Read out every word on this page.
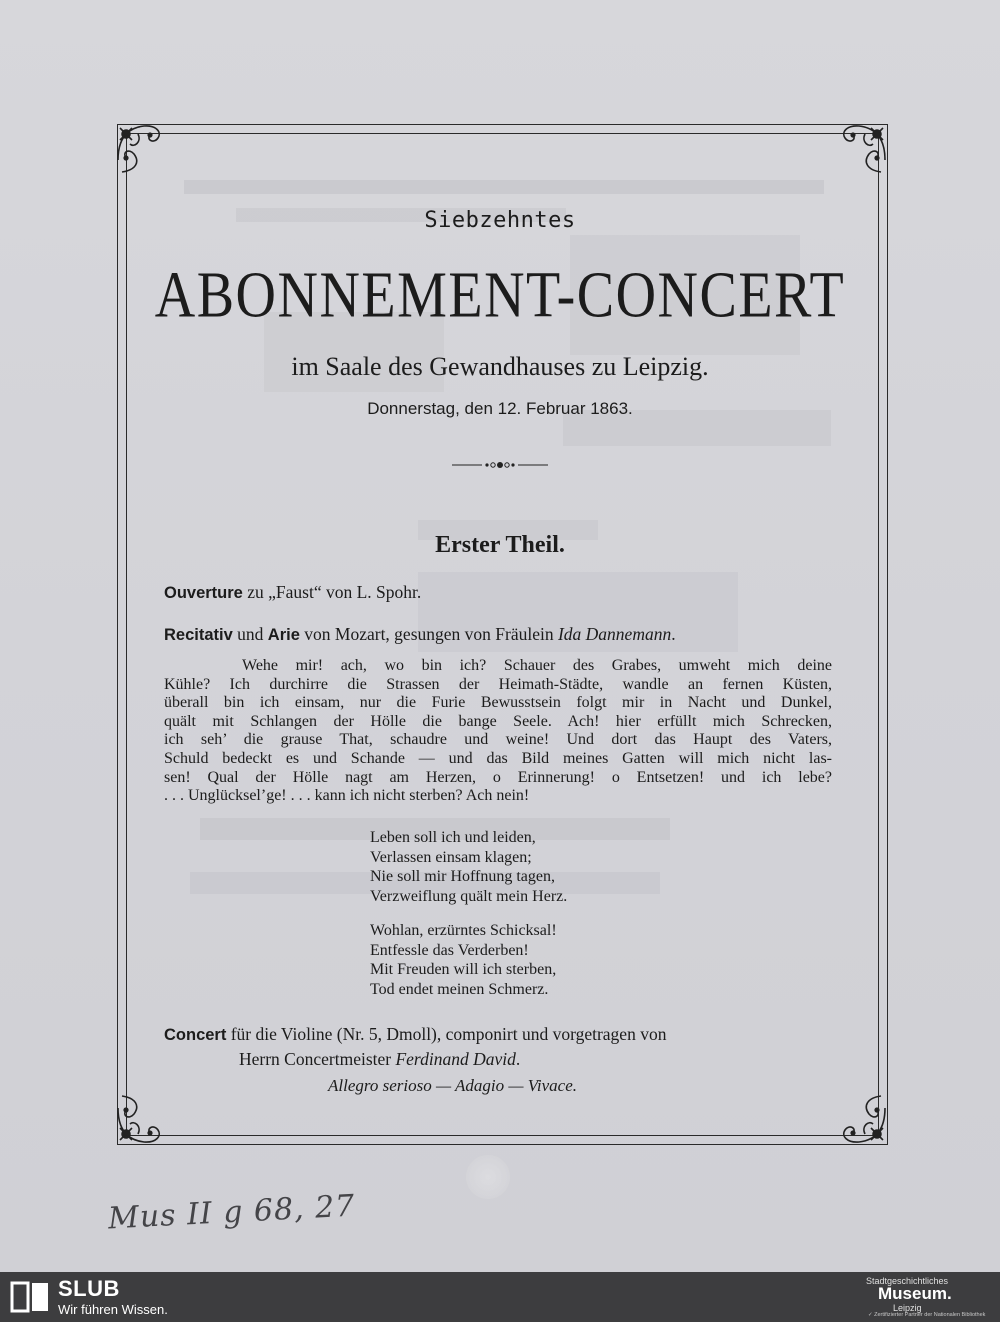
Siebzehntes
ABONNEMENT-CONCERT
im Saale des Gewandhauses zu Leipzig.
Donnerstag, den 12. Februar 1863.
Erster Theil.
Ouverture zu „Faust“ von L. Spohr.
Recitativ und Arie von Mozart, gesungen von Fräulein Ida Dannemann.
Wehe mir! ach, wo bin ich? Schauer des Grabes, umweht mich deine
Kühle? Ich durchirre die Strassen der Heimath-Städte, wandle an fernen Küsten,
überall bin ich einsam, nur die Furie Bewusstsein folgt mir in Nacht und Dunkel,
quält mit Schlangen der Hölle die bange Seele. Ach! hier erfüllt mich Schrecken,
ich seh’ die grause That, schaudre und weine! Und dort das Haupt des Vaters,
Schuld bedeckt es und Schande — und das Bild meines Gatten will mich nicht las-
sen! Qual der Hölle nagt am Herzen, o Erinnerung! o Entsetzen! und ich lebe?
. . . Unglücksel’ge! . . . kann ich nicht sterben? Ach nein!
Leben soll ich und leiden,
Verlassen einsam klagen;
Nie soll mir Hoffnung tagen,
Verzweiflung quält mein Herz.
Wohlan, erzürntes Schicksal!
Entfessle das Verderben!
Mit Freuden will ich sterben,
Tod endet meinen Schmerz.
Concert für die Violine (Nr. 5, Dmoll), componirt und vorgetragen von
Herrn Concertmeister Ferdinand David.
Allegro serioso — Adagio — Vivace.
Mus II g 68, 27
SLUB
Wir führen Wissen.
Stadtgeschichtliches
Museum.
Leipzig
✓ Zertifizierter Partner der Nationalen Bibliothek
